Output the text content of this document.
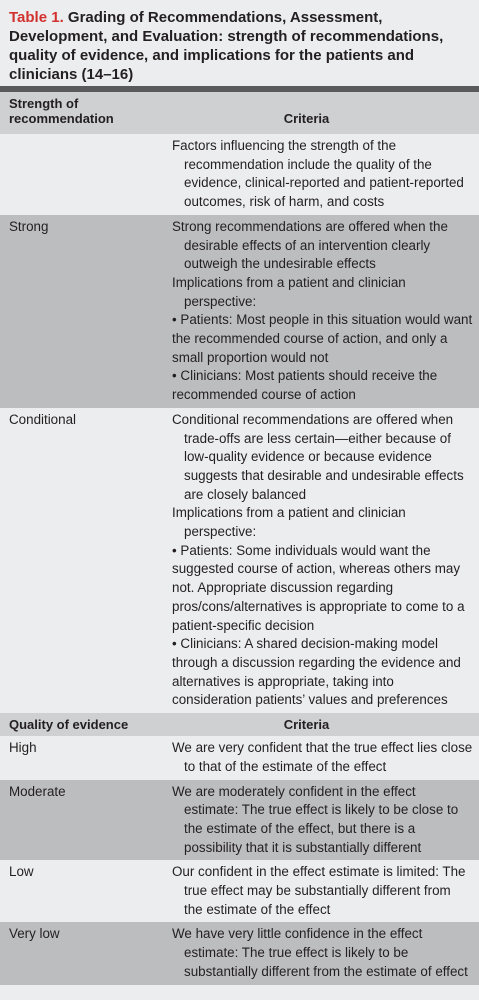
Table 1. Grading of Recommendations, Assessment, Development, and Evaluation: strength of recommendations, quality of evidence, and implications for the patients and clinicians (14–16)
Strength of recommendation	Criteria
Factors influencing the strength of the recommendation include the quality of the evidence, clinical-reported and patient-reported outcomes, risk of harm, and costs
Strong	Strong recommendations are offered when the desirable effects of an intervention clearly outweigh the undesirable effects
Implications from a patient and clinician perspective:
• Patients: Most people in this situation would want the recommended course of action, and only a small proportion would not
• Clinicians: Most patients should receive the recommended course of action
Conditional	Conditional recommendations are offered when trade-offs are less certain—either because of low-quality evidence or because evidence suggests that desirable and undesirable effects are closely balanced
Implications from a patient and clinician perspective:
• Patients: Some individuals would want the suggested course of action, whereas others may not. Appropriate discussion regarding pros/cons/alternatives is appropriate to come to a patient-specific decision
• Clinicians: A shared decision-making model through a discussion regarding the evidence and alternatives is appropriate, taking into consideration patients’ values and preferences
Quality of evidence	Criteria
High	We are very confident that the true effect lies close to that of the estimate of the effect
Moderate	We are moderately confident in the effect estimate: The true effect is likely to be close to the estimate of the effect, but there is a possibility that it is substantially different
Low	Our confident in the effect estimate is limited: The true effect may be substantially different from the estimate of the effect
Very low	We have very little confidence in the effect estimate: The true effect is likely to be substantially different from the estimate of effect
